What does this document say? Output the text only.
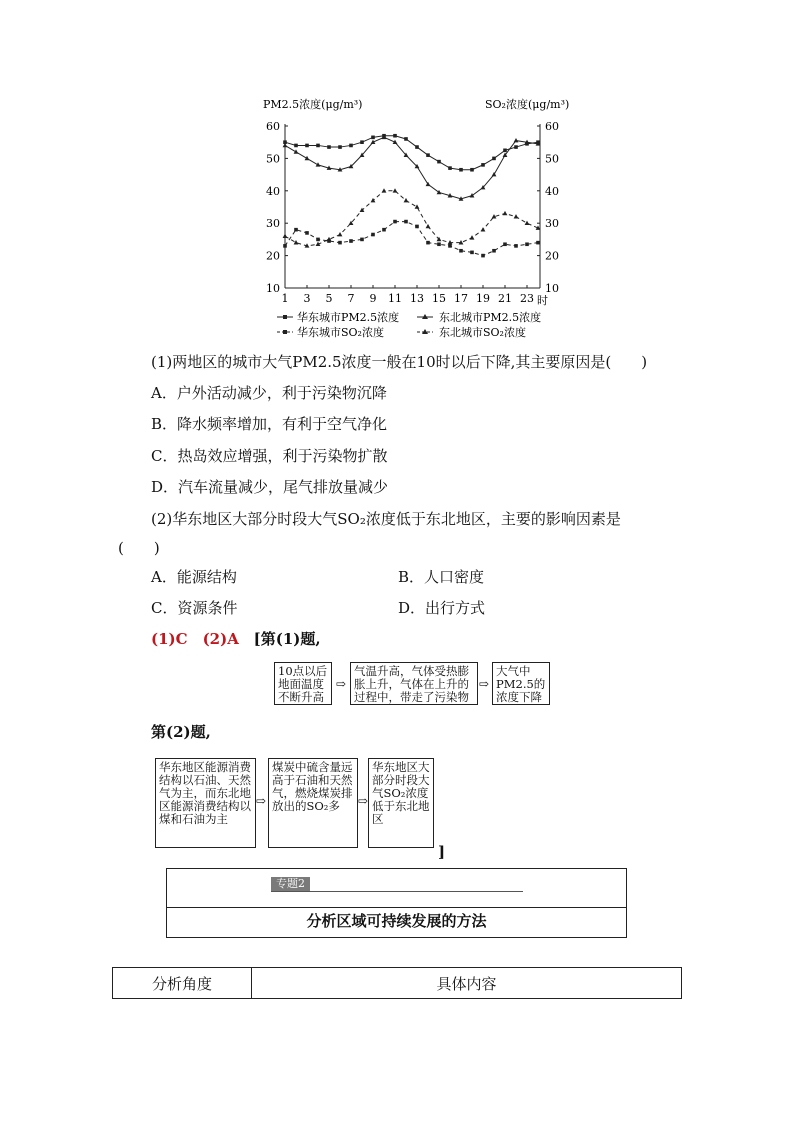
PM2.5浓度(μg/m³)	SO₂浓度(μg/m³)
10	10
20	20
30	30
40	40
50	50
60	60
1 3 5 7 9 11 13 15 17 19 21 23 时
华东城市PM2.5浓度	东北城市PM2.5浓度
华东城市SO₂浓度	东北城市SO₂浓度
(1)两地区的城市大气PM2.5浓度一般在10时以后下降,其主要原因是(　　)
A．户外活动减少，利于污染物沉降
B．降水频率增加，有利于空气净化
C．热岛效应增强，利于污染物扩散
D．汽车流量减少，尾气排放量减少
(2)华东地区大部分时段大气SO₂浓度低于东北地区，主要的影响因素是
(　　)
A．能源结构	B．人口密度
C．资源条件	D．出行方式
(1)C　(2)A [第(1)题,
10点以后地面温度不断升高
⇨
气温升高，气体受热膨胀上升，气体在上升的过程中，带走了污染物
⇨
大气中PM2.5的浓度下降
第(2)题,
华东地区能源消费结构以石油、天然气为主，而东北地区能源消费结构以煤和石油为主
⇨
煤炭中硫含量远高于石油和天然气，燃烧煤炭排放出的SO₂多	⇨
华东地区大部分时段大气SO₂浓度低于东北地区
]
专题2
分析区域可持续发展的方法
分析角度	具体内容
